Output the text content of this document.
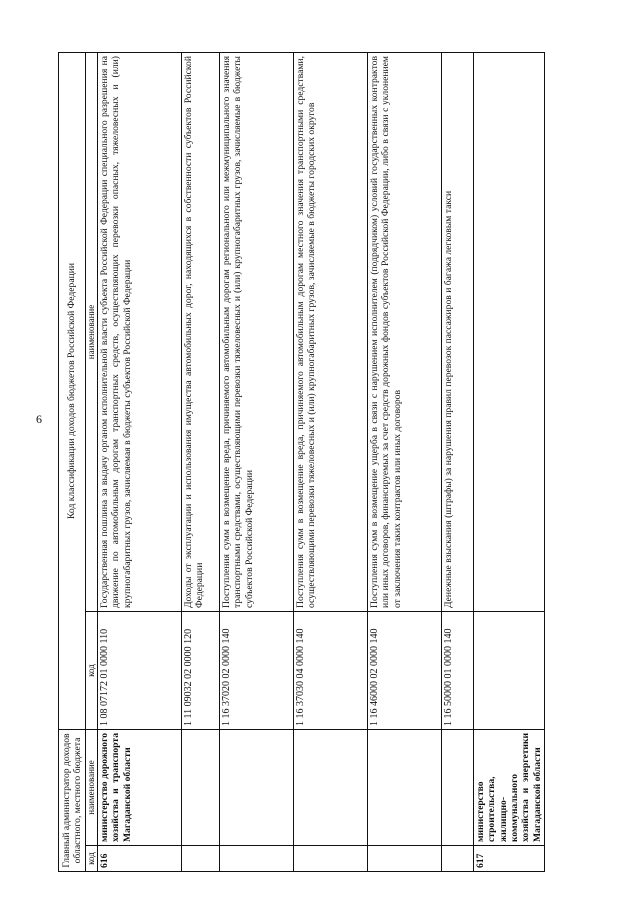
6
Главный администратор доходов областного, местного бюджета		Код классификации доходов бюджетов Российской Федерации	
код	наименование	код	наименование
616	министерство дорожного хозяйства и транспорта Магаданской области	1 08 07172 01 0000 110	Государственная пошлина за выдачу органом исполнительной власти субъекта Российской Федерации специального разрешения на движение по автомобильным дорогам транспортных средств, осуществляющих перевозки опасных, тяжеловесных и (или) крупногабаритных грузов, зачисляемая в бюджеты субъектов Российской Федерации
		1 11 09032 02 0000 120	Доходы от эксплуатации и использования имущества автомобильных дорог, находящихся в собственности субъектов Российской Федерации
		1 16 37020 02 0000 140	Поступления сумм в возмещение вреда, причиняемого автомобильным дорогам регионального или межмуниципального значения транспортными средствами, осуществляющими перевозки тяжеловесных и (или) крупногабаритных грузов, зачисляемые в бюджеты субъектов Российской Федерации
		1 16 37030 04 0000 140	Поступления сумм в возмещение вреда, причиняемого автомобильным дорогам местного значения транспортными средствами, осуществляющими перевозки тяжеловесных и (или) крупногабаритных грузов, зачисляемые в бюджеты городских округов
		1 16 46000 02 0000 140	Поступления сумм в возмещение ущерба в связи с нарушением исполнителем (подрядчиком) условий государственных контрактов или иных договоров, финансируемых за счет средств дорожных фондов субъектов Российской Федерации, либо в связи с уклонением от заключения таких контрактов или иных договоров
		1 16 50000 01 0000 140	Денежные взыскания (штрафы) за нарушения правил перевозок пассажиров и багажа легковым такси
617	министерство строительства, жилищно-коммунального хозяйства и энергетики Магаданской области		
